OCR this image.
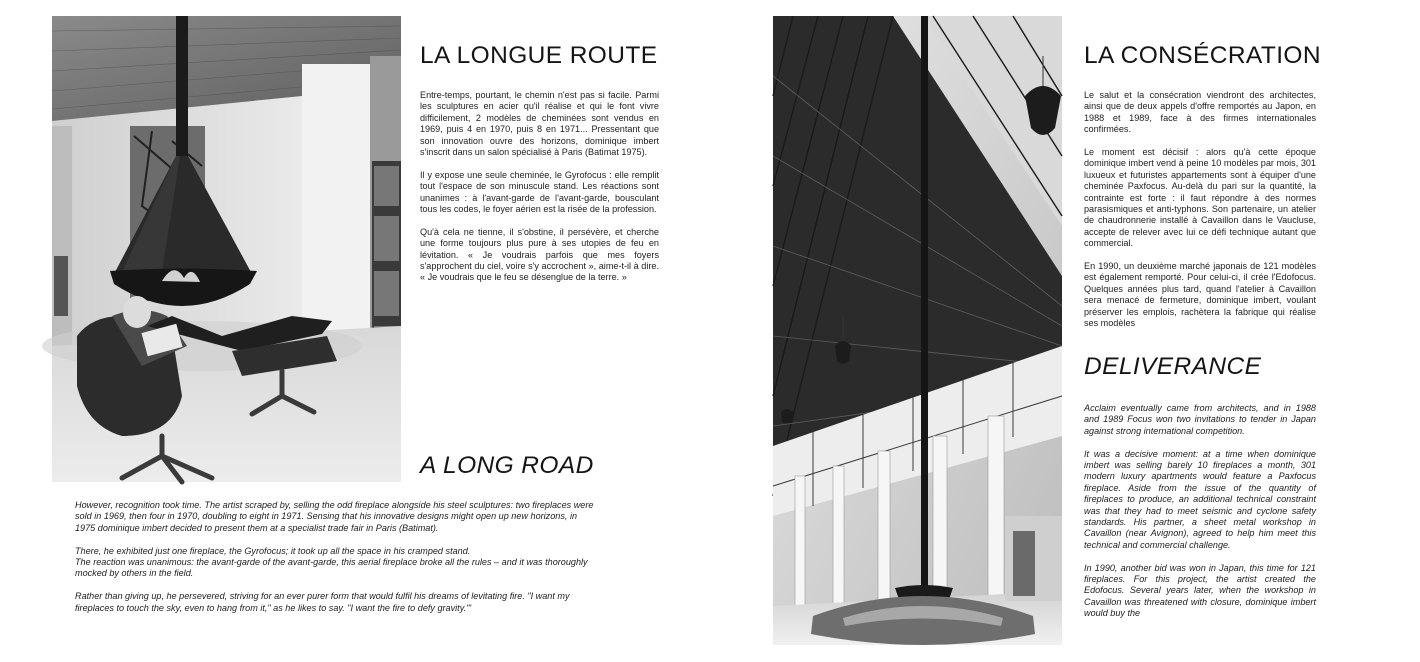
LA LONGUE ROUTE

Entre-temps, pourtant, le chemin n'est pas si facile. Parmi les sculptures en acier qu'il réalise et qui le font vivre difficilement, 2 modèles de cheminées sont vendus en 1969, puis 4 en 1970, puis 8 en 1971... Pressentant que son innovation ouvre des horizons, dominique imbert s'inscrit dans un salon spécialisé à Paris (Batimat 1975).

Il y expose une seule cheminée, le Gyrofocus : elle remplit tout l'espace de son minuscule stand. Les réactions sont unanimes : à l'avant-garde de l'avant-garde, bousculant tous les codes, le foyer aérien est la risée de la profession.

Qu'à cela ne tienne, il s'obstine, il persévère, et cherche une forme toujours plus pure à ses utopies de feu en lévitation. « Je voudrais parfois que mes foyers s'approchent du ciel, voire s'y accrochent », aime-t-il à dire. « Je voudrais que le feu se désenglue de la terre. »

A LONG ROAD

However, recognition took time. The artist scraped by, selling the odd fireplace alongside his steel sculptures: two fireplaces were sold in 1969, then four in 1970, doubling to eight in 1971. Sensing that his innovative designs might open up new horizons, in 1975 dominique imbert decided to present them at a specialist trade fair in Paris (Batimat).

There, he exhibited just one fireplace, the Gyrofocus; it took up all the space in his cramped stand.

The reaction was unanimous: the avant-garde of the avant-garde, this aerial fireplace broke all the rules – and it was thoroughly mocked by others in the field.

Rather than giving up, he persevered, striving for an ever purer form that would fulfil his dreams of levitating fire. "I want my fireplaces to touch the sky, even to hang from it," as he likes to say. "I want the fire to defy gravity.'"

LA CONSÉCRATION

Le salut et la consécration viendront des architectes, ainsi que de deux appels d'offre remportés au Japon, en 1988 et 1989, face à des firmes internationales confirmées.

Le moment est décisif : alors qu'à cette époque dominique imbert vend à peine 10 modèles par mois, 301 luxueux et futuristes appartements sont à équiper d'une cheminée Paxfocus. Au-delà du pari sur la quantité, la contrainte est forte : il faut répondre à des normes parasismiques et anti-typhons. Son partenaire, un atelier de chaudronnerie installé à Cavaillon dans le Vaucluse, accepte de relever avec lui ce défi technique autant que commercial.

En 1990, un deuxième marché japonais de 121 modèles est également remporté. Pour celui-ci, il crée l'Edofocus. Quelques années plus tard, quand l'atelier à Cavaillon sera menacé de fermeture, dominique imbert, voulant préserver les emplois, rachètera la fabrique qui réalise ses modèles

DELIVERANCE

Acclaim eventually came from architects, and in 1988 and 1989 Focus won two invitations to tender in Japan against strong international competition.

It was a decisive moment: at a time when dominique imbert was selling barely 10 fireplaces a month, 301 modern luxury apartments would feature a Paxfocus fireplace. Aside from the issue of the quantity of fireplaces to produce, an additional technical constraint was that they had to meet seismic and cyclone safety standards. His partner, a sheet metal workshop in Cavaillon (near Avignon), agreed to help him meet this technical and commercial challenge.

In 1990, another bid was won in Japan, this time for 121 fireplaces. For this project, the artist created the Edofocus. Several years later, when the workshop in Cavaillon was threatened with closure, dominique imbert would buy the
